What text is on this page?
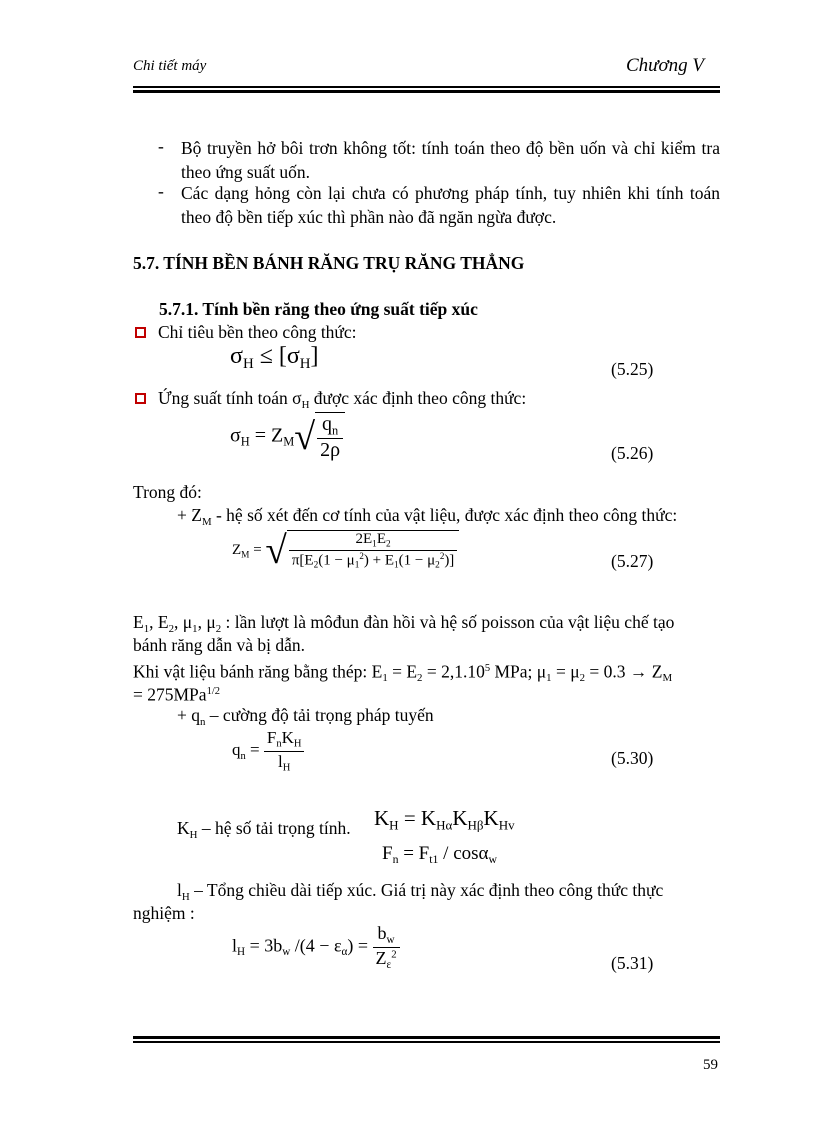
Chi tiết máy	Chương V
- Bộ truyền hở bôi trơn không tốt: tính toán theo độ bền uốn và chỉ kiểm tra theo ứng suất uốn.
- Các dạng hỏng còn lại chưa có phương pháp tính, tuy nhiên khi tính toán theo độ bền tiếp xúc thì phần nào đã ngăn ngừa được.
5.7. TÍNH BỀN BÁNH RĂNG TRỤ RĂNG THẲNG
5.7.1. Tính bền răng theo ứng suất tiếp xúc
Chỉ tiêu bền theo công thức:
$\sigma_H \le [\sigma_H]$	(5.25)
Ứng suất tính toán $\sigma_H$ được xác định theo công thức:
$\sigma_H = Z_M√ \frac{q_n}{2\rho}$	(5.26)
Trong đó:
+ $Z_M$ - hệ số xét đến cơ tính của vật liệu, được xác định theo công thức:
$Z_M$ = √ $\frac{2E_1E_2}{\pi[E_2(1 - \mu_1^2) + E_1(1 - \mu_2^2)]}$	(5.27)
$E_1$, $E_2$, $\mu_1$, $\mu_2$ : lần lượt là môđun đàn hồi và hệ số poisson của vật liệu chế tạo
bánh răng dẫn và bị dẫn.
Khi vật liệu bánh răng bằng thép: $E_1 = E_2 = 2,1.10^5$ MPa; $\mu_1 = \mu_2 = 0.3 \to Z_M$
= 275MPa$^{1/2}$
+ $q_n$ – cường độ tải trọng pháp tuyến
$q_n = \frac{F_nK_H}{l_H}$	(5.30)
$K_H$ – hệ số tải trọng tính. $K_H = K_{H\alpha}K_{H\beta}K_{Hv}$
$F_n = F_{t1} / \cos\alpha_w$
$l_H$ – Tổng chiều dài tiếp xúc. Giá trị này xác định theo công thức thực
nghiệm :
$l_H = 3b_w$ $/(4 - \varepsilon_\alpha) = \frac{b_w}{Z_\varepsilon^2}$	(5.31)
59
